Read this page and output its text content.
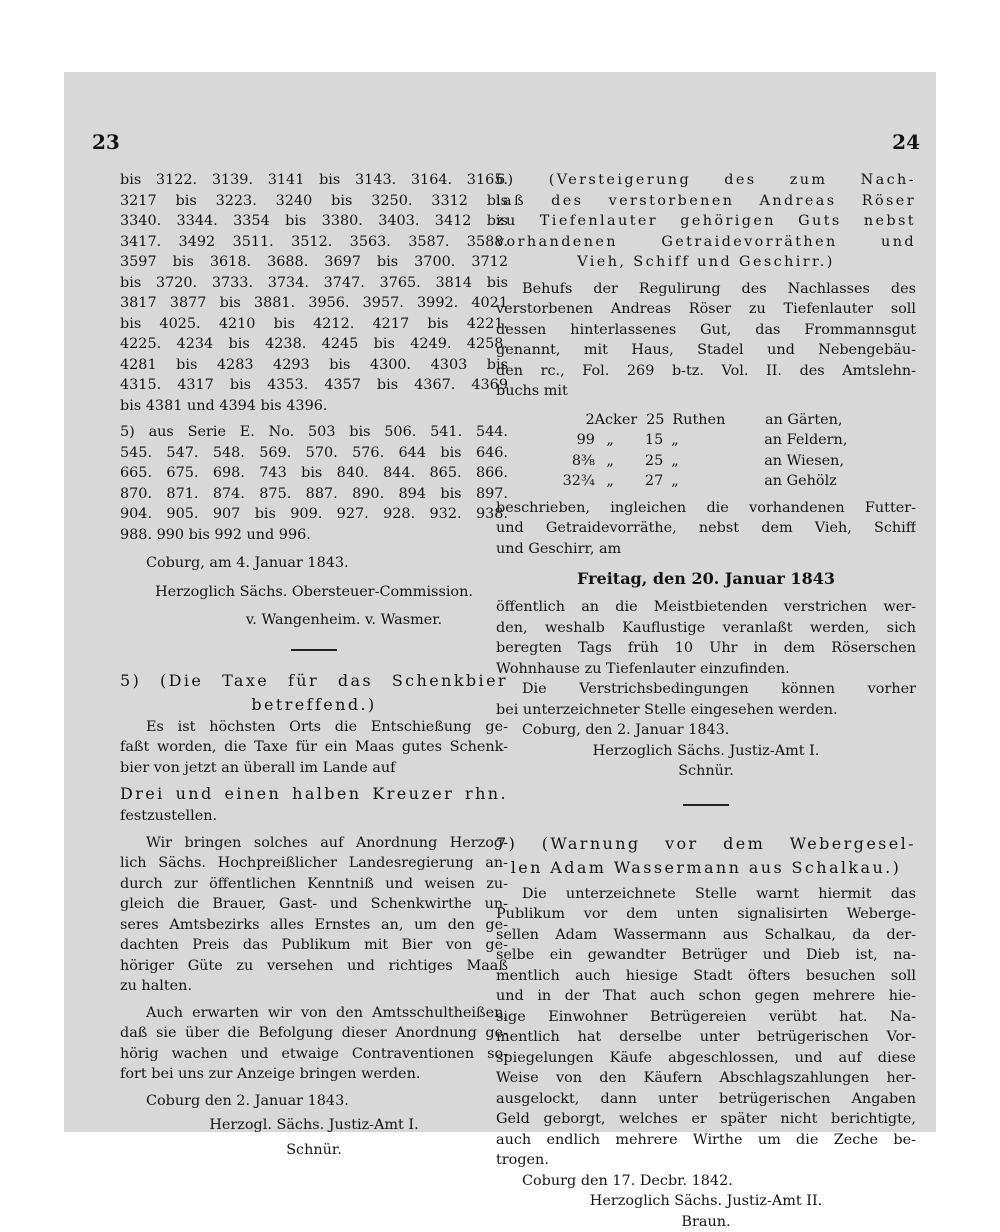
23	24
bis 3122. 3139. 3141 bis 3143. 3164. 3165.
3217 bis 3223. 3240 bis 3250. 3312 bis
3340. 3344. 3354 bis 3380. 3403. 3412 bis
3417. 3492 3511. 3512. 3563. 3587. 3588.
3597 bis 3618. 3688. 3697 bis 3700. 3712
bis 3720. 3733. 3734. 3747. 3765. 3814 bis
3817 3877 bis 3881. 3956. 3957. 3992. 4021
bis 4025. 4210 bis 4212. 4217 bis 4221.
4225. 4234 bis 4238. 4245 bis 4249. 4258.
4281 bis 4283 4293 bis 4300. 4303 bis
4315. 4317 bis 4353. 4357 bis 4367. 4369
bis 4381 und 4394 bis 4396.
5) aus Serie E. No. 503 bis 506. 541. 544.
545. 547. 548. 569. 570. 576. 644 bis 646.
665. 675. 698. 743 bis 840. 844. 865. 866.
870. 871. 874. 875. 887. 890. 894 bis 897.
904. 905. 907 bis 909. 927. 928. 932. 938.
988. 990 bis 992 und 996.
Coburg, am 4. Januar 1843.
Herzoglich Sächs. Obersteuer-Commission.
v. Wangenheim. v. Wasmer.
5) (Die Taxe für das Schenkbier
betreffend.)
Es ist höchsten Orts die Entschießung ge-
faßt worden, die Taxe für ein Maas gutes Schenk-
bier von jetzt an überall im Lande auf
Drei und einen halben Kreuzer rhn.
festzustellen.
Wir bringen solches auf Anordnung Herzog-
lich Sächs. Hochpreißlicher Landesregierung an-
durch zur öffentlichen Kenntniß und weisen zu-
gleich die Brauer, Gast- und Schenkwirthe un-
seres Amtsbezirks alles Ernstes an, um den ge-
dachten Preis das Publikum mit Bier von ge-
höriger Güte zu versehen und richtiges Maaß
zu halten.
Auch erwarten wir von den Amtsschultheißen,
daß sie über die Befolgung dieser Anordnung ge-
hörig wachen und etwaige Contraventionen so-
fort bei uns zur Anzeige bringen werden.
Coburg den 2. Januar 1843.
Herzogl. Sächs. Justiz-Amt I.
Schnür.
6) (Versteigerung des zum Nach-
laß des verstorbenen Andreas Röser
zu Tiefenlauter gehörigen Guts nebst
vorhandenen Getraidevorräthen und
Vieh, Schiff und Geschirr.)
Behufs der Regulirung des Nachlasses des
verstorbenen Andreas Röser zu Tiefenlauter soll
dessen hinterlassenes Gut, das Frommannsgut
genannt, mit Haus, Stadel und Nebengebäu-
den rc., Fol. 269 b-tz. Vol. II. des Amtslehn-
buchs mit
2 Acker 25 Ruthen	an Gärten,
99 „	15 „	an Feldern,
8⅜ „	25 „	an Wiesen,
32¾ „	27 „	an Gehölz
beschrieben, ingleichen die vorhandenen Futter-
und Getraidevorräthe, nebst dem Vieh, Schiff
und Geschirr, am
Freitag, den 20. Januar 1843
öffentlich an die Meistbietenden verstrichen wer-
den, weshalb Kauflustige veranlaßt werden, sich
beregten Tags früh 10 Uhr in dem Röserschen
Wohnhause zu Tiefenlauter einzufinden.
Die Verstrichsbedingungen können vorher
bei unterzeichneter Stelle eingesehen werden.
Coburg, den 2. Januar 1843.
Herzoglich Sächs. Justiz-Amt I.
Schnür.
7) (Warnung vor dem Webergesel-
len Adam Wassermann aus Schalkau.)
Die unterzeichnete Stelle warnt hiermit das
Publikum vor dem unten signalisirten Weberge-
sellen Adam Wassermann aus Schalkau, da der-
selbe ein gewandter Betrüger und Dieb ist, na-
mentlich auch hiesige Stadt öfters besuchen soll
und in der That auch schon gegen mehrere hie-
sige Einwohner Betrügereien verübt hat. Na-
mentlich hat derselbe unter betrügerischen Vor-
spiegelungen Käufe abgeschlossen, und auf diese
Weise von den Käufern Abschlagszahlungen her-
ausgelockt, dann unter betrügerischen Angaben
Geld geborgt, welches er später nicht berichtigte,
auch endlich mehrere Wirthe um die Zeche be-
trogen.
Coburg den 17. Decbr. 1842.
Herzoglich Sächs. Justiz-Amt II.
Braun.
